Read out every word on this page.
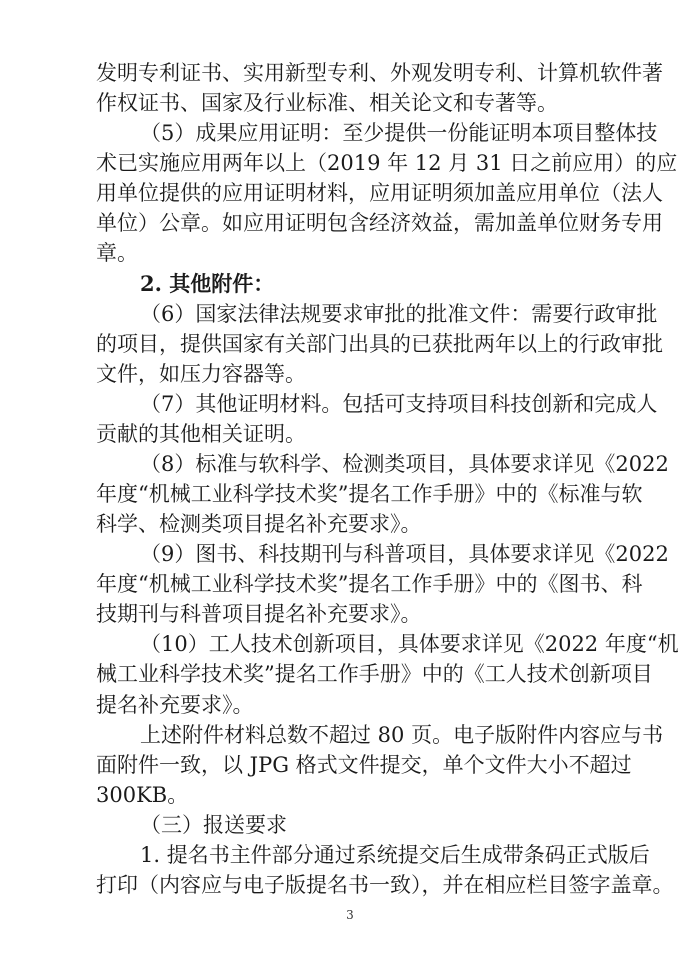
发明专利证书、实用新型专利、外观发明专利、计算机软件著
作权证书、国家及行业标准、相关论文和专著等。
（5）成果应用证明：至少提供一份能证明本项目整体技
术已实施应用两年以上（2019 年 12 月 31 日之前应用）的应
用单位提供的应用证明材料，应用证明须加盖应用单位（法人
单位）公章。如应用证明包含经济效益，需加盖单位财务专用
章。
2. 其他附件：
（6）国家法律法规要求审批的批准文件：需要行政审批
的项目，提供国家有关部门出具的已获批两年以上的行政审批
文件，如压力容器等。
（7）其他证明材料。包括可支持项目科技创新和完成人
贡献的其他相关证明。
（8）标准与软科学、检测类项目，具体要求详见《2022
年度“机械工业科学技术奖”提名工作手册》中的《标准与软
科学、检测类项目提名补充要求》。
（9）图书、科技期刊与科普项目，具体要求详见《2022
年度“机械工业科学技术奖”提名工作手册》中的《图书、科
技期刊与科普项目提名补充要求》。
（10）工人技术创新项目，具体要求详见《2022 年度“机
械工业科学技术奖”提名工作手册》中的《工人技术创新项目
提名补充要求》。
上述附件材料总数不超过 80 页。电子版附件内容应与书
面附件一致，以 JPG 格式文件提交，单个文件大小不超过
300KB。
（三）报送要求
1. 提名书主件部分通过系统提交后生成带条码正式版后
打印（内容应与电子版提名书一致），并在相应栏目签字盖章。
3
